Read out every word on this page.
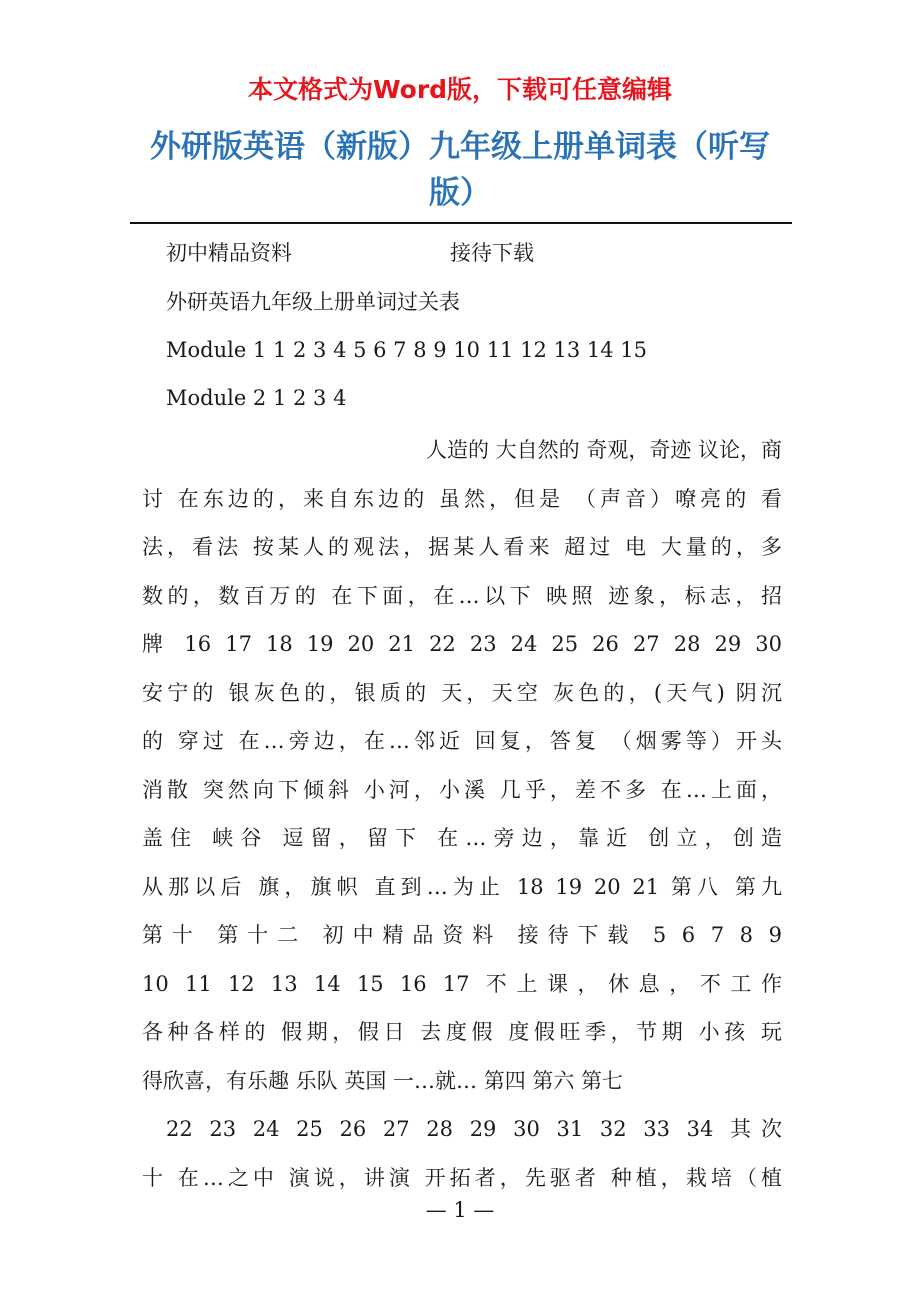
本文格式为Word版，下载可任意编辑
外研版英语（新版）九年级上册单词表（听写版）
初中精品资料	接待下载
外研英语九年级上册单词过关表
Module 1 1 2 3 4 5 6 7 8 9 10 11 12 13 14 15
Module 2 1 2 3 4
人造的 大自然的 奇观，奇迹 议论，商
讨 在东边的，来自东边的 虽然，但是 （声音）嘹亮的 看
法，看法 按某人的观法，据某人看来 超过 电 大量的，多
数的，数百万的 在下面，在…以下 映照 迹象，标志，招
牌 16 17 18 19 20 21 22 23 24 25 26 27 28 29 30
安宁的 银灰色的，银质的 天，天空 灰色的，(天气) 阴沉
的 穿过 在…旁边，在…邻近 回复，答复 （烟雾等）开头
消散 突然向下倾斜 小河，小溪 几乎，差不多 在…上面，
盖住 峡谷 逗留，留下 在…旁边，靠近 创立，创造
从那以后 旗，旗帜 直到…为止 18 19 20 21 第八 第九
第十 第十二 初中精品资料 接待下载 5 6 7 8 9
10 11 12 13 14 15 16 17 不上课，休息，不工作
各种各样的 假期，假日 去度假 度假旺季，节期 小孩 玩
得欣喜，有乐趣 乐队 英国 一…就… 第四 第六 第七
22 23 24 25 26 27 28 29 30 31 32 33 34 其次
十 在…之中 演说，讲演 开拓者，先驱者 种植，栽培（植
— 1 —
